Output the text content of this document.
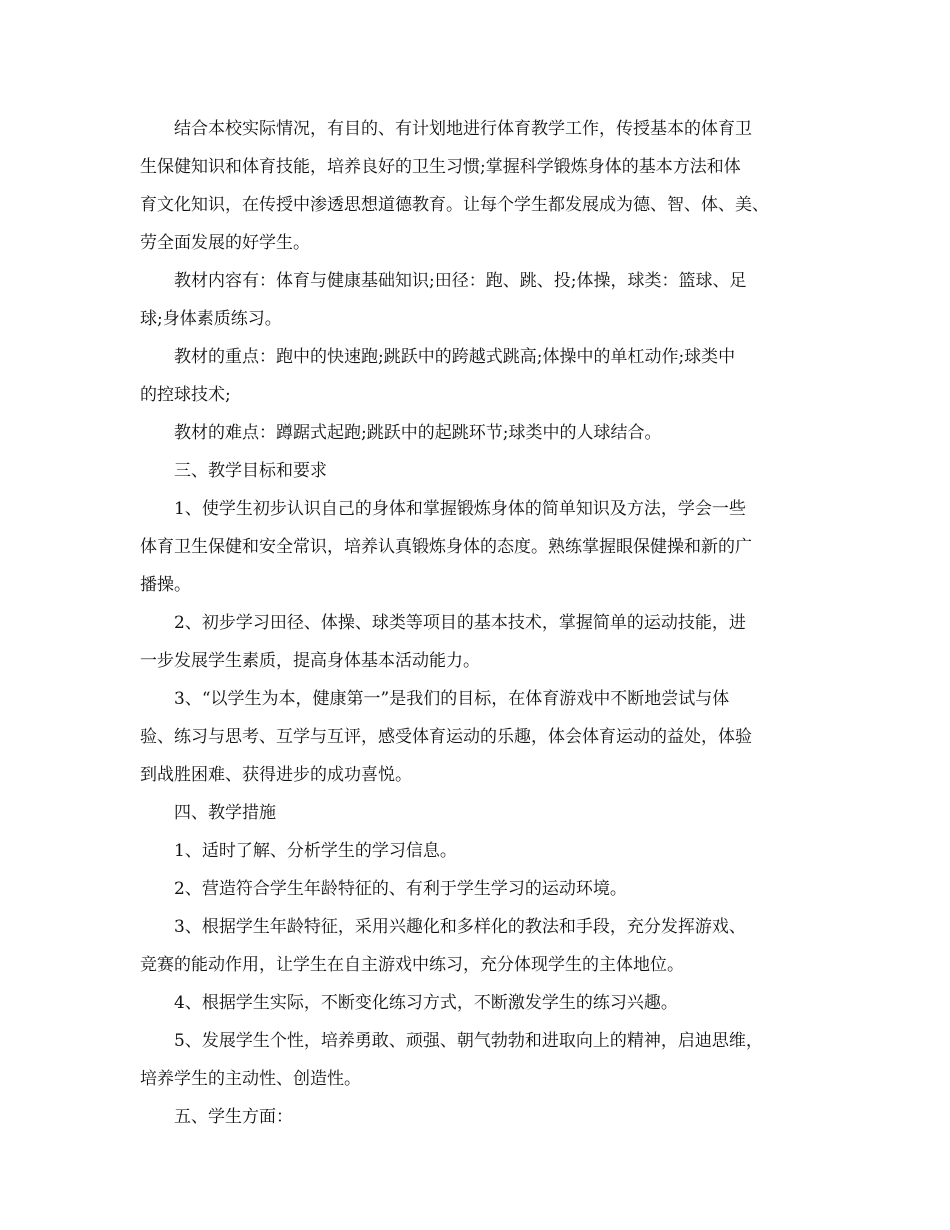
结合本校实际情况，有目的、有计划地进行体育教学工作，传授基本的体育卫
生保健知识和体育技能，培养良好的卫生习惯;掌握科学锻炼身体的基本方法和体
育文化知识，在传授中渗透思想道德教育。让每个学生都发展成为德、智、体、美、
劳全面发展的好学生。
教材内容有：体育与健康基础知识;田径：跑、跳、投;体操，球类：篮球、足
球;身体素质练习。
教材的重点：跑中的快速跑;跳跃中的跨越式跳高;体操中的单杠动作;球类中
的控球技术;
教材的难点：蹲踞式起跑;跳跃中的起跳环节;球类中的人球结合。
三、教学目标和要求
1、使学生初步认识自己的身体和掌握锻炼身体的简单知识及方法，学会一些
体育卫生保健和安全常识，培养认真锻炼身体的态度。熟练掌握眼保健操和新的广
播操。
2、初步学习田径、体操、球类等项目的基本技术，掌握简单的运动技能，进
一步发展学生素质，提高身体基本活动能力。
3、“以学生为本，健康第一”是我们的目标，在体育游戏中不断地尝试与体
验、练习与思考、互学与互评，感受体育运动的乐趣，体会体育运动的益处，体验
到战胜困难、获得进步的成功喜悦。
四、教学措施
1、适时了解、分析学生的学习信息。
2、营造符合学生年龄特征的、有利于学生学习的运动环境。
3、根据学生年龄特征，采用兴趣化和多样化的教法和手段，充分发挥游戏、
竞赛的能动作用，让学生在自主游戏中练习，充分体现学生的主体地位。
4、根据学生实际，不断变化练习方式，不断激发学生的练习兴趣。
5、发展学生个性，培养勇敢、顽强、朝气勃勃和进取向上的精神，启迪思维，
培养学生的主动性、创造性。
五、学生方面：
